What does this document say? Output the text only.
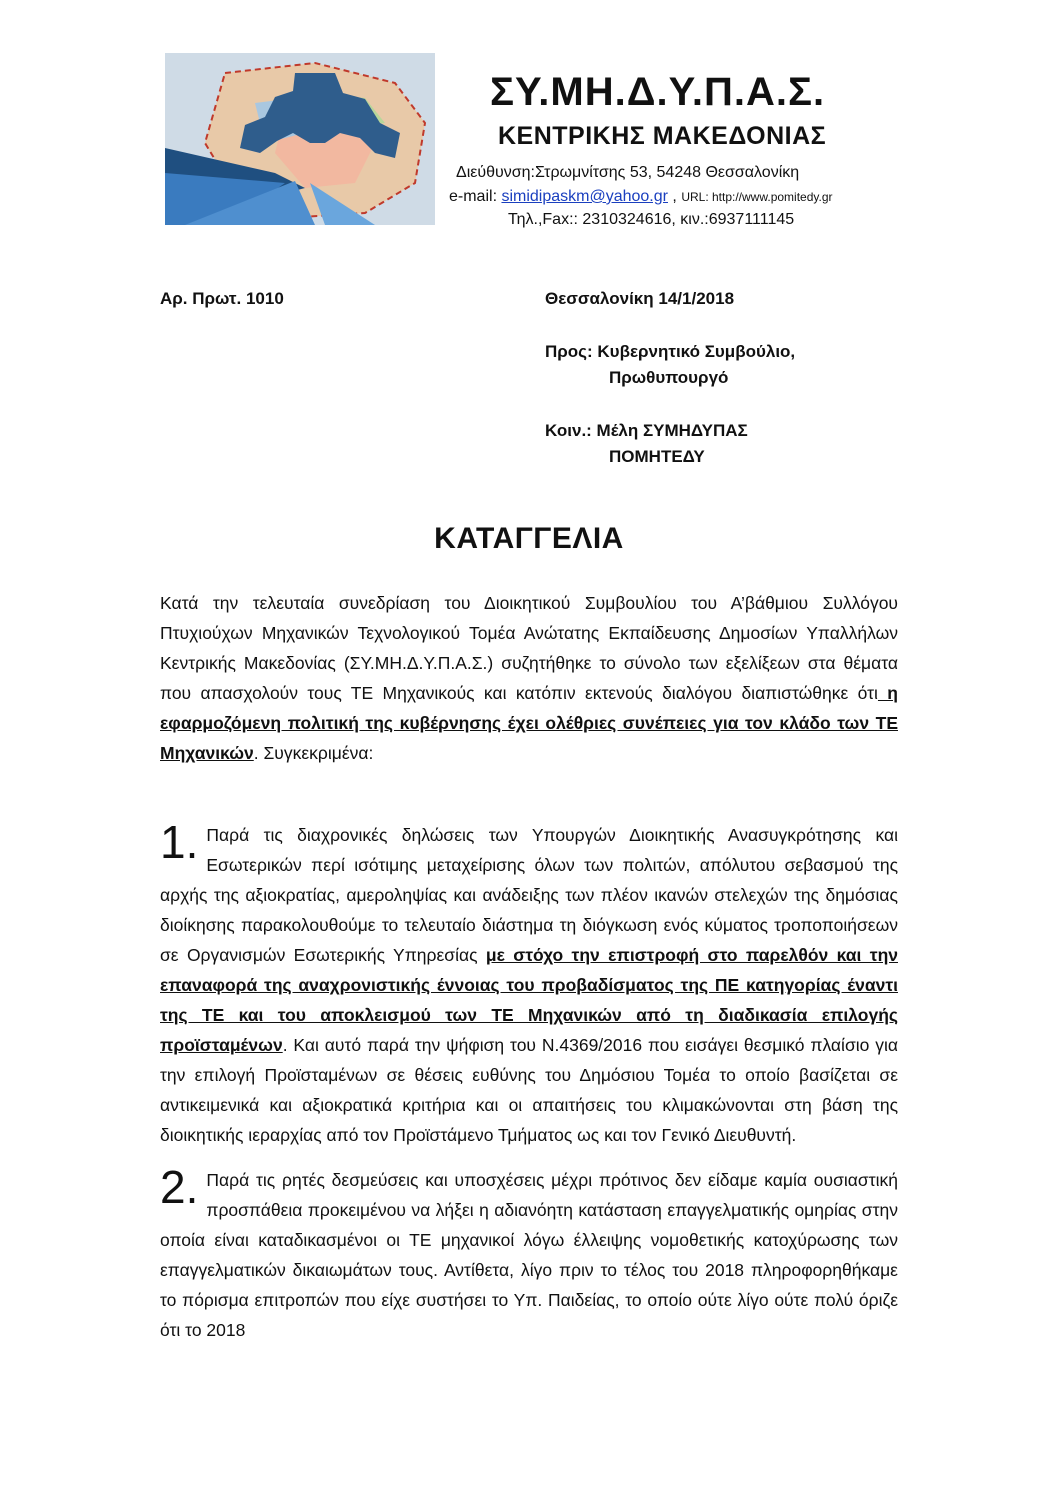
ΣΥ.ΜΗ.Δ.Υ.Π.Α.Σ.
ΚΕΝΤΡΙΚΗΣ ΜΑΚΕΔΟΝΙΑΣ
Διεύθυνση:Στρωμνίτσης 53, 54248 Θεσσαλονίκη
e-mail: simidipaskm@yahoo.gr , URL: http://www.pomitedy.gr
Τηλ.,Fax:: 2310324616, κιν.:6937111145
Αρ. Πρωτ. 1010	Θεσσαλονίκη 14/1/2018
Προς: Κυβερνητικό Συμβούλιο,
Πρωθυπουργό
Κοιν.: Μέλη ΣΥΜΗΔΥΠΑΣ
ΠΟΜΗΤΕΔΥ
ΚΑΤΑΓΓΕΛΙΑ
Κατά την τελευταία συνεδρίαση του Διοικητικού Συμβουλίου του Α’βάθμιου Συλλόγου Πτυχιούχων Μηχανικών Τεχνολογικού Τομέα Ανώτατης Εκπαίδευσης Δημοσίων Υπαλλήλων Κεντρικής Μακεδονίας (ΣΥ.ΜΗ.Δ.Υ.Π.Α.Σ.) συζητήθηκε το σύνολο των εξελίξεων στα θέματα που απασχολούν τους ΤΕ Μηχανικούς και κατόπιν εκτενούς διαλόγου διαπιστώθηκε ότι η εφαρμοζόμενη πολιτική της κυβέρνησης έχει ολέθριες συνέπειες για τον κλάδο των ΤΕ Μηχανικών. Συγκεκριμένα:
1. Παρά τις διαχρονικές δηλώσεις των Υπουργών Διοικητικής Ανασυγκρότησης και Εσωτερικών περί ισότιμης μεταχείρισης όλων των πολιτών, απόλυτου σεβασμού της αρχής της αξιοκρατίας, αμεροληψίας και ανάδειξης των πλέον ικανών στελεχών της δημόσιας διοίκησης παρακολουθούμε το τελευταίο διάστημα τη διόγκωση ενός κύματος τροποποιήσεων σε Οργανισμών Εσωτερικής Υπηρεσίας με στόχο την επιστροφή στο παρελθόν και την επαναφορά της αναχρονιστικής έννοιας του προβαδίσματος της ΠΕ κατηγορίας έναντι της ΤΕ και του αποκλεισμού των ΤΕ Μηχανικών από τη διαδικασία επιλογής προϊσταμένων. Και αυτό παρά την ψήφιση του Ν.4369/2016 που εισάγει θεσμικό πλαίσιο για την επιλογή Προϊσταμένων σε θέσεις ευθύνης του Δημόσιου Τομέα το οποίο βασίζεται σε αντικειμενικά και αξιοκρατικά κριτήρια και οι απαιτήσεις του κλιμακώνονται στη βάση της διοικητικής ιεραρχίας από τον Προϊστάμενο Τμήματος ως και τον Γενικό Διευθυντή.
2. Παρά τις ρητές δεσμεύσεις και υποσχέσεις μέχρι πρότινος δεν είδαμε καμία ουσιαστική προσπάθεια προκειμένου να λήξει η αδιανόητη κατάσταση επαγγελματικής ομηρίας στην οποία είναι καταδικασμένοι οι ΤΕ μηχανικοί λόγω έλλειψης νομοθετικής κατοχύρωσης των επαγγελματικών δικαιωμάτων τους. Αντίθετα, λίγο πριν το τέλος του 2018 πληροφορηθήκαμε το πόρισμα επιτροπών που είχε συστήσει το Υπ. Παιδείας, το οποίο ούτε λίγο ούτε πολύ όριζε ότι το 2018
